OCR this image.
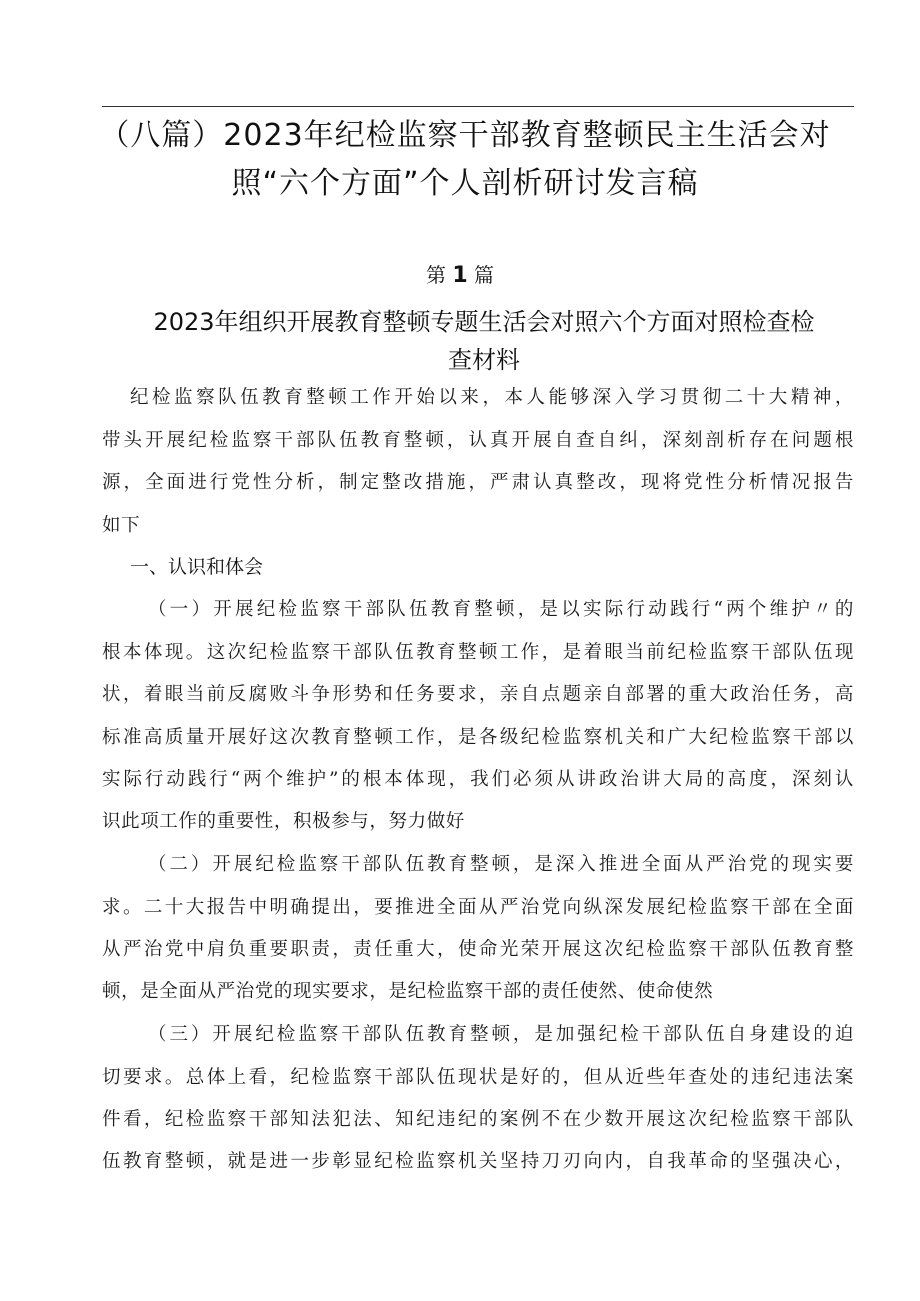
（八篇）2023年纪检监察干部教育整顿民主生活会对
照“六个方面”个人剖析研讨发言稿
第 1 篇
2023年组织开展教育整顿专题生活会对照六个方面对照检查检
查材料
纪检监察队伍教育整顿工作开始以来，本人能够深入学习贯彻二十大精神，
带头开展纪检监察干部队伍教育整顿，认真开展自查自纠，深刻剖析存在问题根
源，全面进行党性分析，制定整改措施，严肃认真整改，现将党性分析情况报告
如下
一、认识和体会
（一）开展纪检监察干部队伍教育整顿，是以实际行动践行“两个维护〃的
根本体现。这次纪检监察干部队伍教育整顿工作，是着眼当前纪检监察干部队伍现
状，着眼当前反腐败斗争形势和任务要求，亲自点题亲自部署的重大政治任务，高
标准高质量开展好这次教育整顿工作，是各级纪检监察机关和广大纪检监察干部以
实际行动践行“两个维护”的根本体现，我们必须从讲政治讲大局的高度，深刻认
识此项工作的重要性，积极参与，努力做好
（二）开展纪检监察干部队伍教育整顿，是深入推进全面从严治党的现实要
求。二十大报告中明确提出，要推进全面从严治党向纵深发展纪检监察干部在全面
从严治党中肩负重要职责，责任重大，使命光荣开展这次纪检监察干部队伍教育整
顿，是全面从严治党的现实要求，是纪检监察干部的责任使然、使命使然
（三）开展纪检监察干部队伍教育整顿，是加强纪检干部队伍自身建设的迫
切要求。总体上看，纪检监察干部队伍现状是好的，但从近些年查处的违纪违法案
件看，纪检监察干部知法犯法、知纪违纪的案例不在少数开展这次纪检监察干部队
伍教育整顿，就是进一步彰显纪检监察机关坚持刀刃向内，自我革命的坚强决心，
